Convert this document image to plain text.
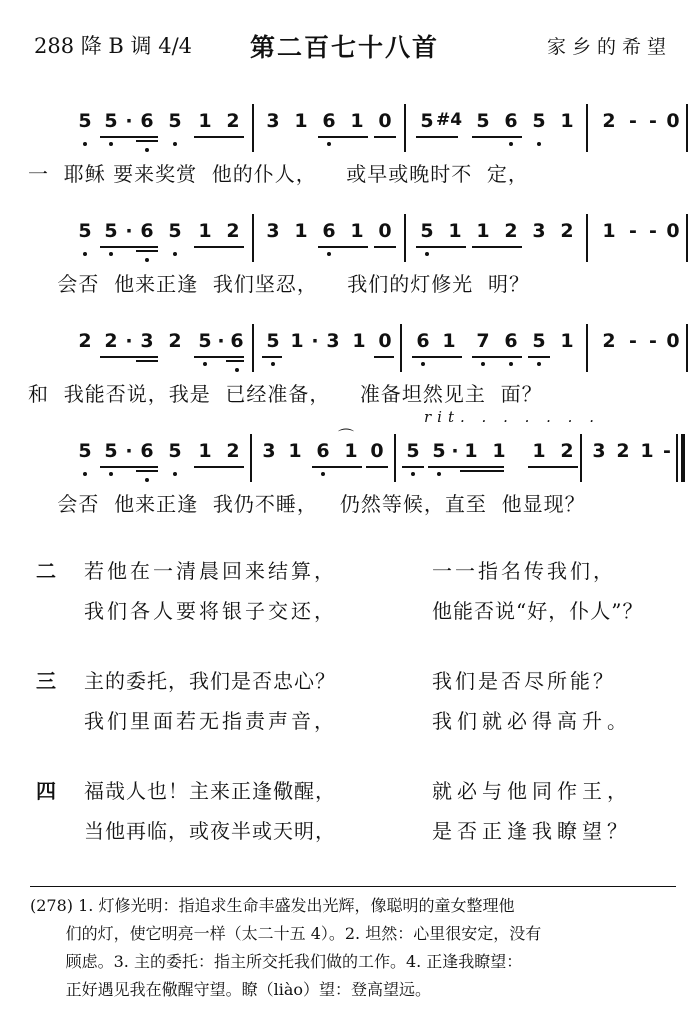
288 降 B 调 4/4 第二百七十八首	家乡的希望
5 5 · 6 5 1 2 3 1 6 1 0 5 #4 5 6 5 1 2 - - 0
一  耶稣 要来奖赏  他的仆人，    或早或晚时不  定，
5 5 · 6 5 1 2 3 1 6 1 0 5 1 1 2 3 2 1 - - 0
会否  他来正逢  我们坚忍，    我们的灯修光  明？
2 2 · 3 2 5 · 6 5 1 · 3 1 0 6 1 7 6 5 1 2 - - 0
和  我能否说，我是  已经准备，    准备坦然见主  面？
rit. . . . . . .
⌒
5 5 · 6 5 1 2 3 1 6 1 0 5 5 · 1 1 1 2 3 2 1 -
会否  他来正逢  我仍不睡，   仍然等候，直至  他显现？
二 若他在一清晨回来结算，	一一指名传我们，
我们各人要将银子交还，	他能否说“好，仆人”？
三 主的委托，我们是否忠心？	我们是否尽所能？
我们里面若无指责声音，	我们就必得高升。
四 福哉人也！主来正逢儆醒，	就必与他同作王，
当他再临，或夜半或天明，	是否正逢我瞭望？
(278) 1. 灯修光明：指追求生命丰盛发出光辉，像聪明的童女整理他
们的灯，使它明亮一样（太二十五 4）。2. 坦然：心里很安定，没有
顾虑。3. 主的委托：指主所交托我们做的工作。4. 正逢我瞭望：
正好遇见我在儆醒守望。瞭（liào）望：登高望远。
